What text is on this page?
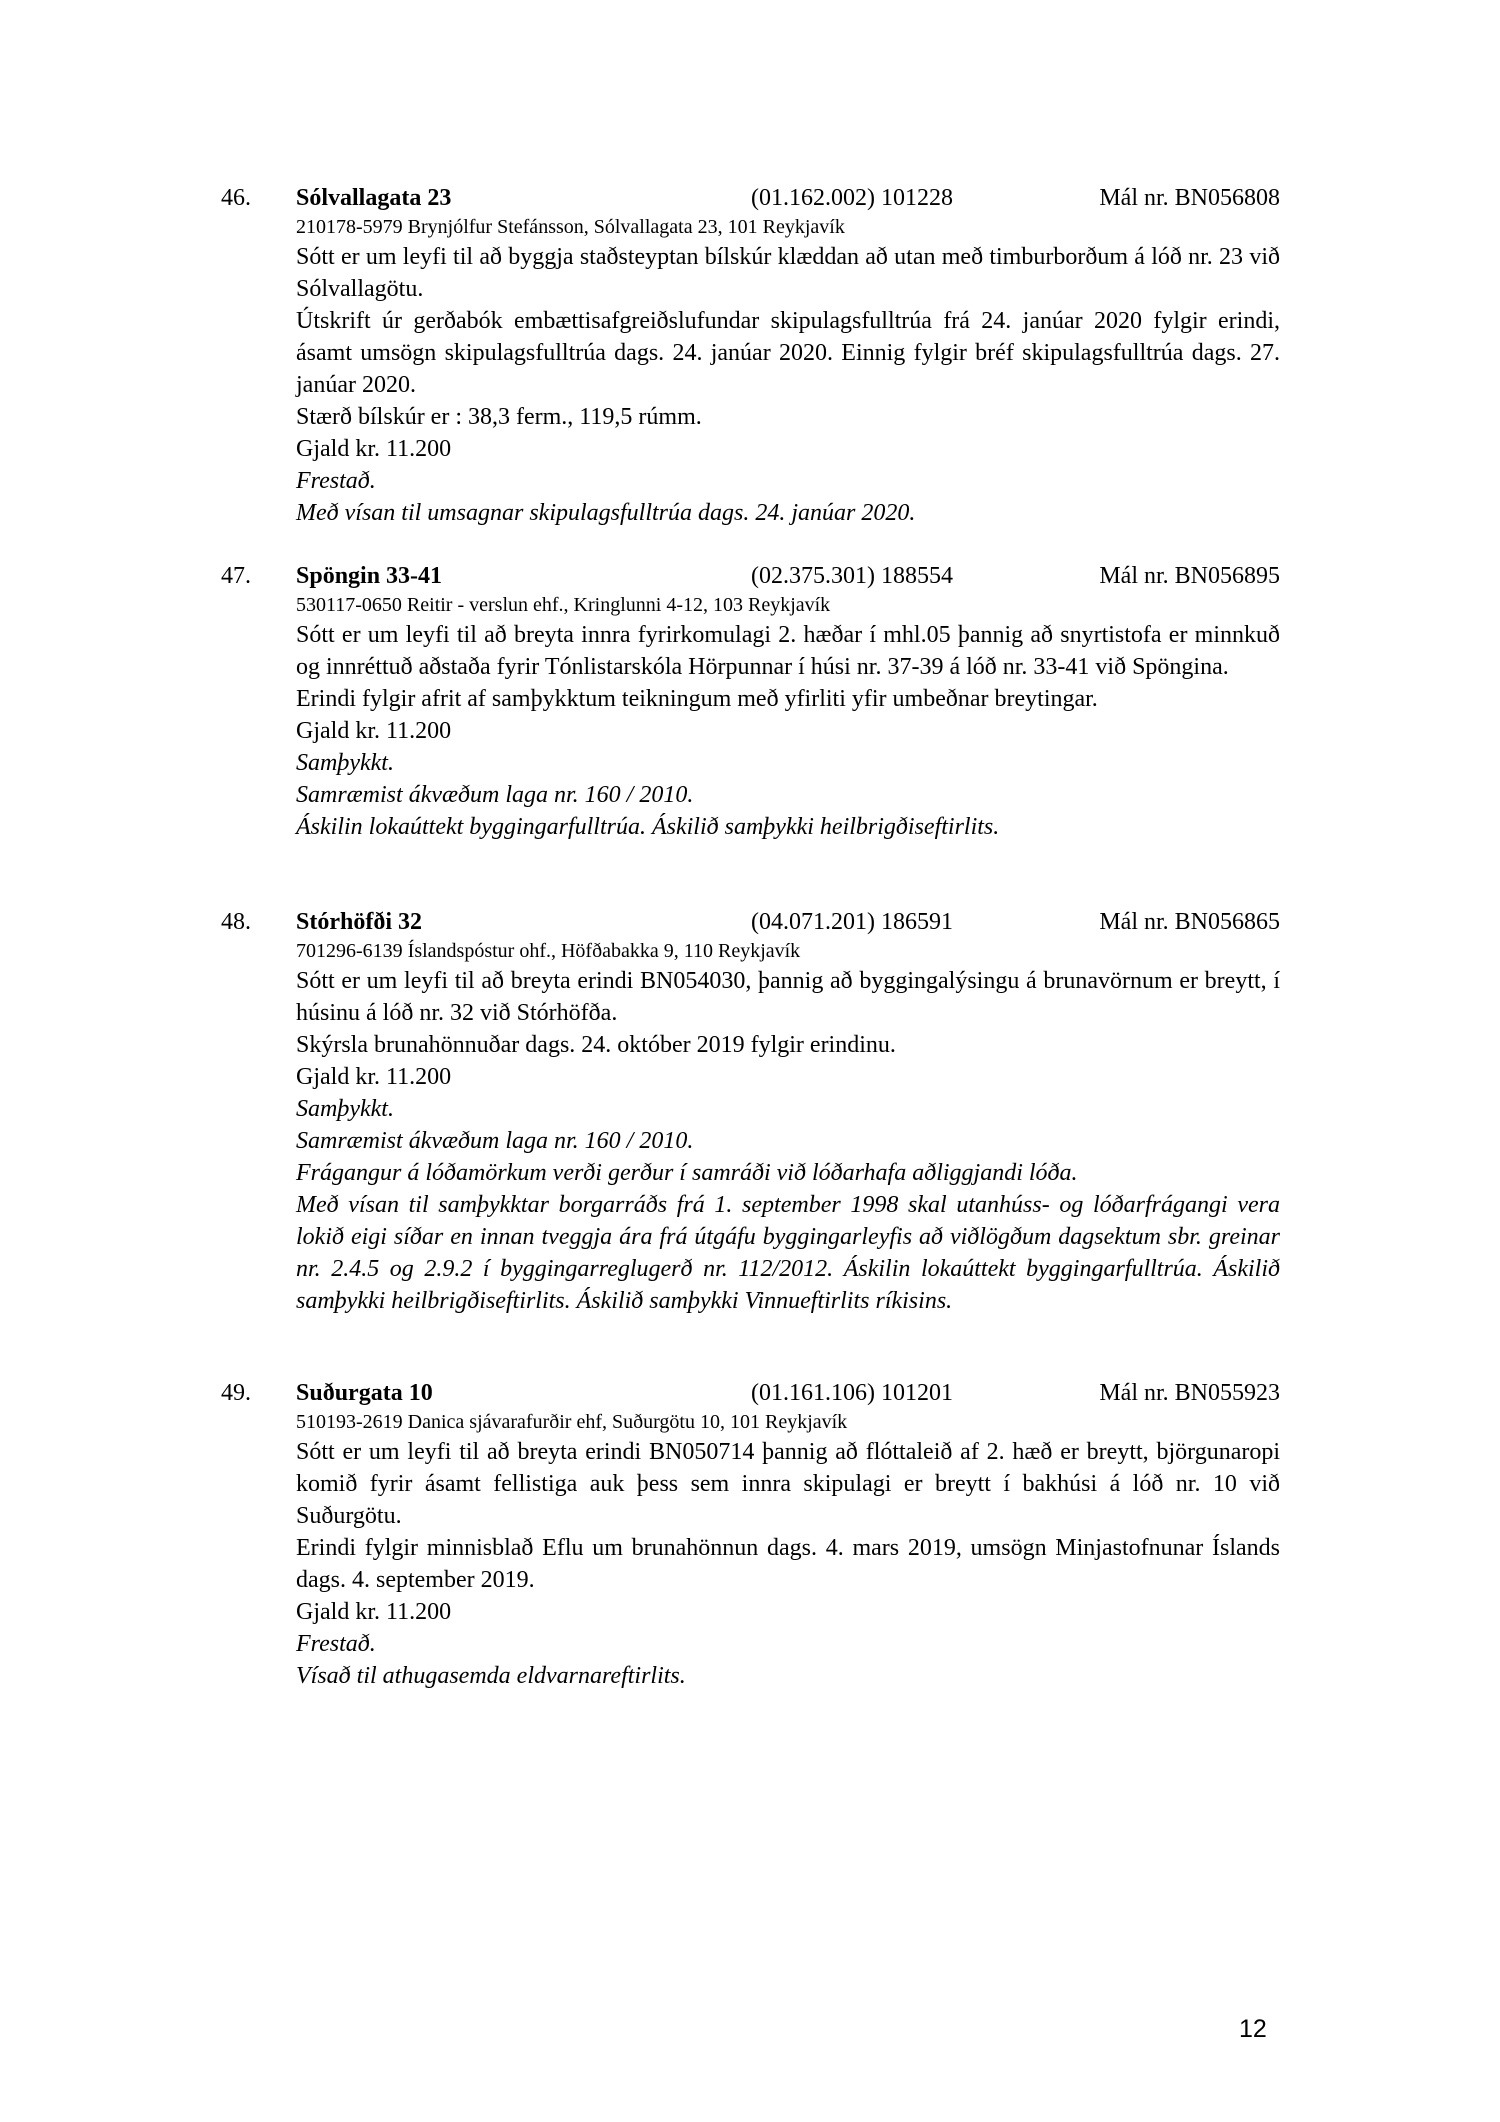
46. Sólvallagata 23	(01.162.002) 101228	Mál nr. BN056808
210178-5979 Brynjólfur Stefánsson, Sólvallagata 23, 101 Reykjavík

Sótt er um leyfi til að byggja staðsteyptan bílskúr klæddan að utan með timburborðum á lóð nr. 23 við Sólvallagötu.

Útskrift úr gerðabók embættisafgreiðslufundar skipulagsfulltrúa frá 24. janúar 2020 fylgir erindi, ásamt umsögn skipulagsfulltrúa dags. 24. janúar 2020. Einnig fylgir bréf skipulagsfulltrúa dags. 27. janúar 2020.

Stærð bílskúr er : 38,3 ferm., 119,5 rúmm.

Gjald kr. 11.200

Frestað.

Með vísan til umsagnar skipulagsfulltrúa dags. 24. janúar 2020.

47. Spöngin 33-41	(02.375.301) 188554	Mál nr. BN056895
530117-0650 Reitir - verslun ehf., Kringlunni 4-12, 103 Reykjavík

Sótt er um leyfi til að breyta innra fyrirkomulagi 2. hæðar í mhl.05 þannig að snyrtistofa er minnkuð og innréttuð aðstaða fyrir Tónlistarskóla Hörpunnar í húsi nr. 37-39 á lóð nr. 33-41 við Spöngina.

Erindi fylgir afrit af samþykktum teikningum með yfirliti yfir umbeðnar breytingar.

Gjald kr. 11.200

Samþykkt.

Samræmist ákvæðum laga nr. 160 / 2010.

Áskilin lokaúttekt byggingarfulltrúa. Áskilið samþykki heilbrigðiseftirlits.

48. Stórhöfði 32	(04.071.201) 186591	Mál nr. BN056865
701296-6139 Íslandspóstur ohf., Höfðabakka 9, 110 Reykjavík

Sótt er um leyfi til að breyta erindi BN054030, þannig að byggingalýsingu á brunavörnum er breytt, í húsinu á lóð nr. 32 við Stórhöfða.

Skýrsla brunahönnuðar dags. 24. október 2019 fylgir erindinu.

Gjald kr. 11.200

Samþykkt.

Samræmist ákvæðum laga nr. 160 / 2010.

Frágangur á lóðamörkum verði gerður í samráði við lóðarhafa aðliggjandi lóða.

Með vísan til samþykktar borgarráðs frá 1. september 1998 skal utanhúss- og lóðarfrágangi vera lokið eigi síðar en innan tveggja ára frá útgáfu byggingarleyfis að viðlögðum dagsektum sbr. greinar nr. 2.4.5 og 2.9.2 í byggingarreglugerð nr. 112/2012. Áskilin lokaúttekt byggingarfulltrúa. Áskilið samþykki heilbrigðiseftirlits. Áskilið samþykki Vinnueftirlits ríkisins.

49. Suðurgata 10	(01.161.106) 101201	Mál nr. BN055923
510193-2619 Danica sjávarafurðir ehf, Suðurgötu 10, 101 Reykjavík

Sótt er um leyfi til að breyta erindi BN050714 þannig að flóttaleið af 2. hæð er breytt, björgunaropi komið fyrir ásamt fellistiga auk þess sem innra skipulagi er breytt í bakhúsi á lóð nr. 10 við Suðurgötu.

Erindi fylgir minnisblað Eflu um brunahönnun dags. 4. mars 2019, umsögn Minjastofnunar Íslands dags. 4. september 2019.

Gjald kr. 11.200

Frestað.

Vísað til athugasemda eldvarnareftirlits.

12
